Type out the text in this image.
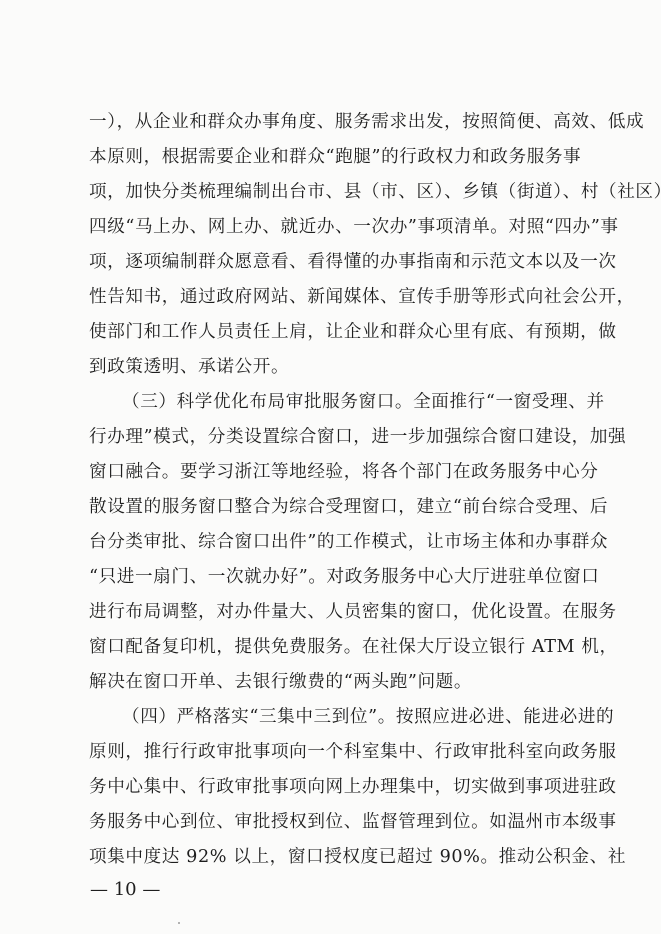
一），从企业和群众办事角度、服务需求出发，按照简便、高效、低成
本原则，根据需要企业和群众“跑腿”的行政权力和政务服务事
项，加快分类梳理编制出台市、县（市、区）、乡镇（街道）、村（社区）
四级“马上办、网上办、就近办、一次办”事项清单。对照“四办”事
项，逐项编制群众愿意看、看得懂的办事指南和示范文本以及一次
性告知书，通过政府网站、新闻媒体、宣传手册等形式向社会公开，
使部门和工作人员责任上肩，让企业和群众心里有底、有预期，做
到政策透明、承诺公开。
（三）科学优化布局审批服务窗口。全面推行“一窗受理、并
行办理”模式，分类设置综合窗口，进一步加强综合窗口建设，加强
窗口融合。要学习浙江等地经验，将各个部门在政务服务中心分
散设置的服务窗口整合为综合受理窗口，建立“前台综合受理、后
台分类审批、综合窗口出件”的工作模式，让市场主体和办事群众
“只进一扇门、一次就办好”。对政务服务中心大厅进驻单位窗口
进行布局调整，对办件量大、人员密集的窗口，优化设置。在服务
窗口配备复印机，提供免费服务。在社保大厅设立银行 ATM 机，
解决在窗口开单、去银行缴费的“两头跑”问题。
（四）严格落实“三集中三到位”。按照应进必进、能进必进的
原则，推行行政审批事项向一个科室集中、行政审批科室向政务服
务中心集中、行政审批事项向网上办理集中，切实做到事项进驻政
务服务中心到位、审批授权到位、监督管理到位。如温州市本级事
项集中度达 92% 以上，窗口授权度已超过 90%。推动公积金、社
— 10 —
